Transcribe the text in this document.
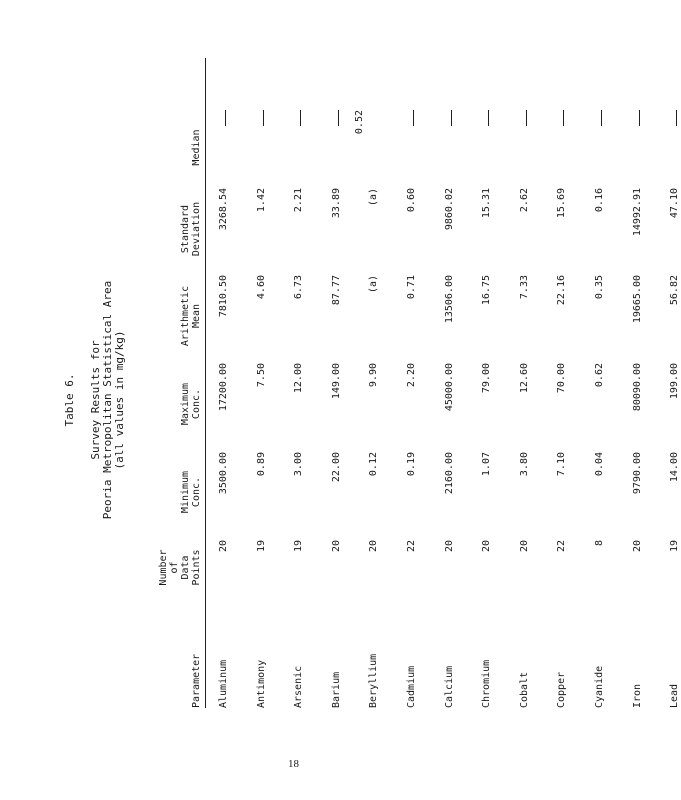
Table 6. Survey Results for Peoria Metropolitan Statistical Area (all values in mg/kg)
Parameter
Number of Data Points
Minimum Conc.
Maximum Conc.
Arithmetic Mean
Standard Deviation
Median
Aluminum
20
3500.00
17200.00
7810.50
3268.54
Antimony
19
0.89
7.50
4.60
1.42
Arsenic
19
3.00
12.00
6.73
2.21
Barium
20
22.00
149.00
87.77
33.89
Beryllium
20
0.12
9.90
(a)
(a)
0.52
Cadmium
22
0.19
2.20
0.71
0.60
Calcium
20
2160.00
45000.00
13506.00
9860.02
Chromium
20
1.07
79.00
16.75
15.31
Cobalt
20
3.80
12.60
7.33
2.62
Copper
22
7.10
70.00
22.16
15.69
Cyanide
8
0.04
0.62
0.35
0.16
Iron
20
9790.00
80090.00
19665.00
14992.91
Lead
19
14.00
199.00
56.82
47.10
18
